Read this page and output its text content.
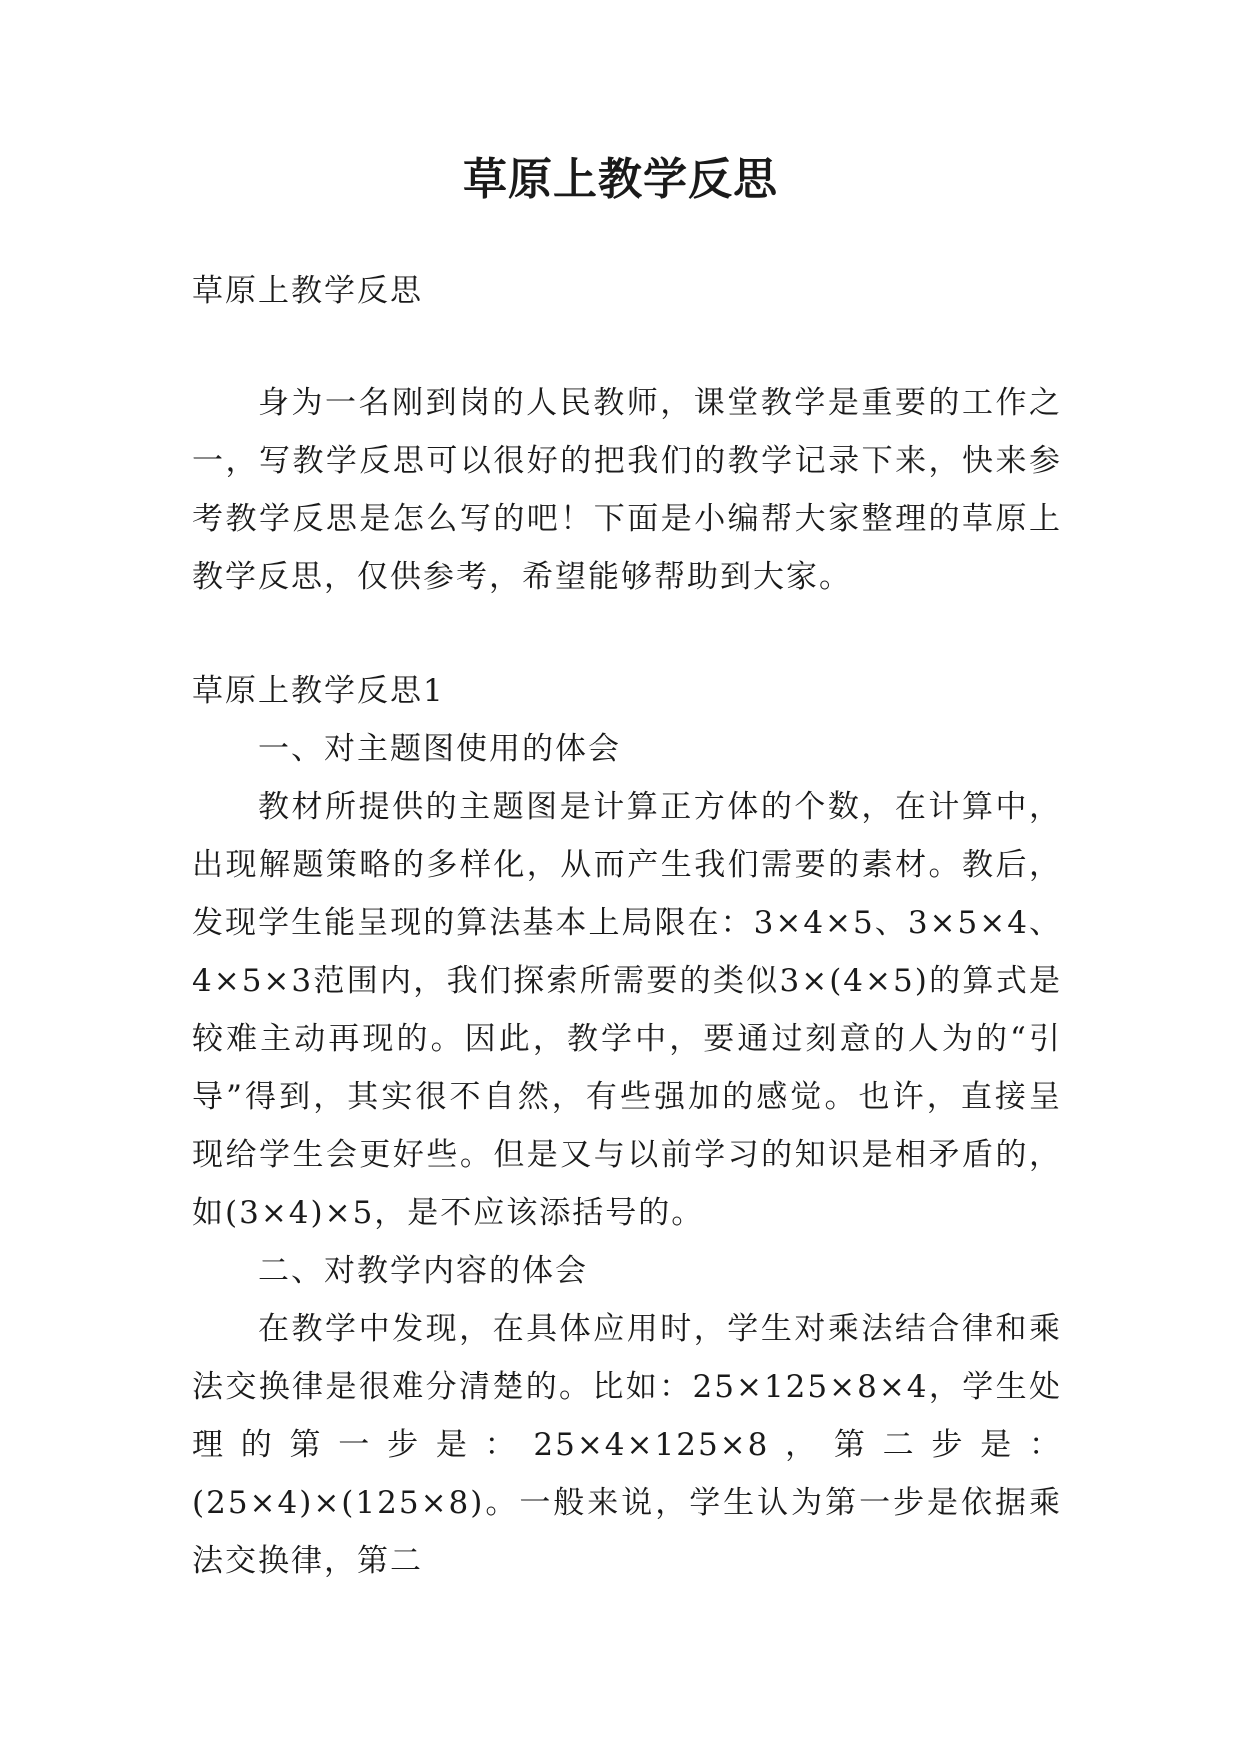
草原上教学反思

草原上教学反思

身为一名刚到岗的人民教师，课堂教学是重要的工作之一，写教学反思可以很好的把我们的教学记录下来，快来参考教学反思是怎么写的吧！下面是小编帮大家整理的草原上教学反思，仅供参考，希望能够帮助到大家。

草原上教学反思1

一、对主题图使用的体会

教材所提供的主题图是计算正方体的个数，在计算中，出现解题策略的多样化，从而产生我们需要的素材。教后，发现学生能呈现的算法基本上局限在：3×4×5、3×5×4、4×5×3范围内，我们探索所需要的类似3×(4×5)的算式是较难主动再现的。因此，教学中，要通过刻意的人为的“引导”得到，其实很不自然，有些强加的感觉。也许，直接呈现给学生会更好些。但是又与以前学习的知识是相矛盾的，如(3×4)×5，是不应该添括号的。

二、对教学内容的体会

在教学中发现，在具体应用时，学生对乘法结合律和乘法交换律是很难分清楚的。比如：25×125×8×4，学生处理的第一步是：25×4×125×8，第二步是：(25×4)×(125×8)。一般来说，学生认为第一步是依据乘法交换律，第二
